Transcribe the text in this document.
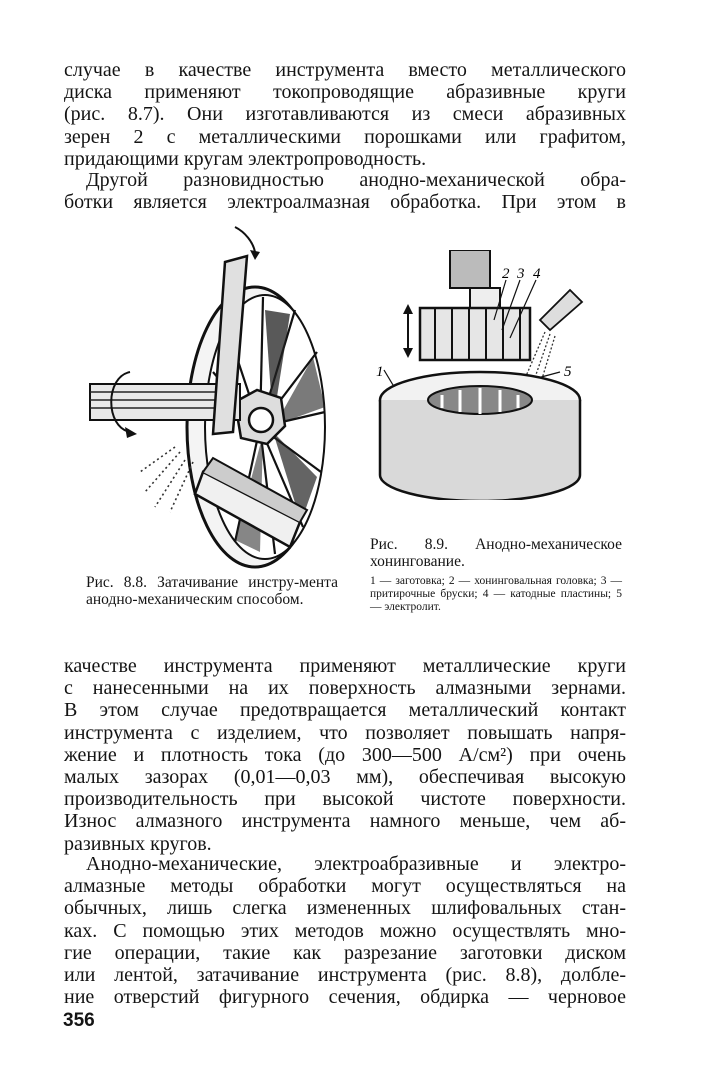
случае в качестве инструмента вместо металлического
диска применяют токопроводящие абразивные круги
(рис. 8.7). Они изготавливаются из смеси абразивных
зерен 2 с металлическими порошками или графитом,
придающими кругам электропроводность.
Другой разновидностью анодно-механической обра-
ботки является электроалмазная обработка. При этом в
2 3 4
5
1
Рис. 8.9. Анодно-механическое хонингование.
1 — заготовка; 2 — хонинговальная головка; 3 — притирочные бруски; 4 — катодные пластины; 5 — электролит.
Рис. 8.8. Затачивание инстру-мента анодно-механическим способом.
качестве инструмента применяют металлические круги
с нанесенными на их поверхность алмазными зернами.
В этом случае предотвращается металлический контакт
инструмента с изделием, что позволяет повышать напря-
жение и плотность тока (до 300—500 А/см²) при очень
малых зазорах (0,01—0,03 мм), обеспечивая высокую
производительность при высокой чистоте поверхности.
Износ алмазного инструмента намного меньше, чем аб-
разивных кругов.
Анодно-механические, электроабразивные и электро-
алмазные методы обработки могут осуществляться на
обычных, лишь слегка измененных шлифовальных стан-
ках. С помощью этих методов можно осуществлять мно-
гие операции, такие как разрезание заготовки диском
или лентой, затачивание инструмента (рис. 8.8), долбле-
ние отверстий фигурного сечения, обдирка — черновое
356
